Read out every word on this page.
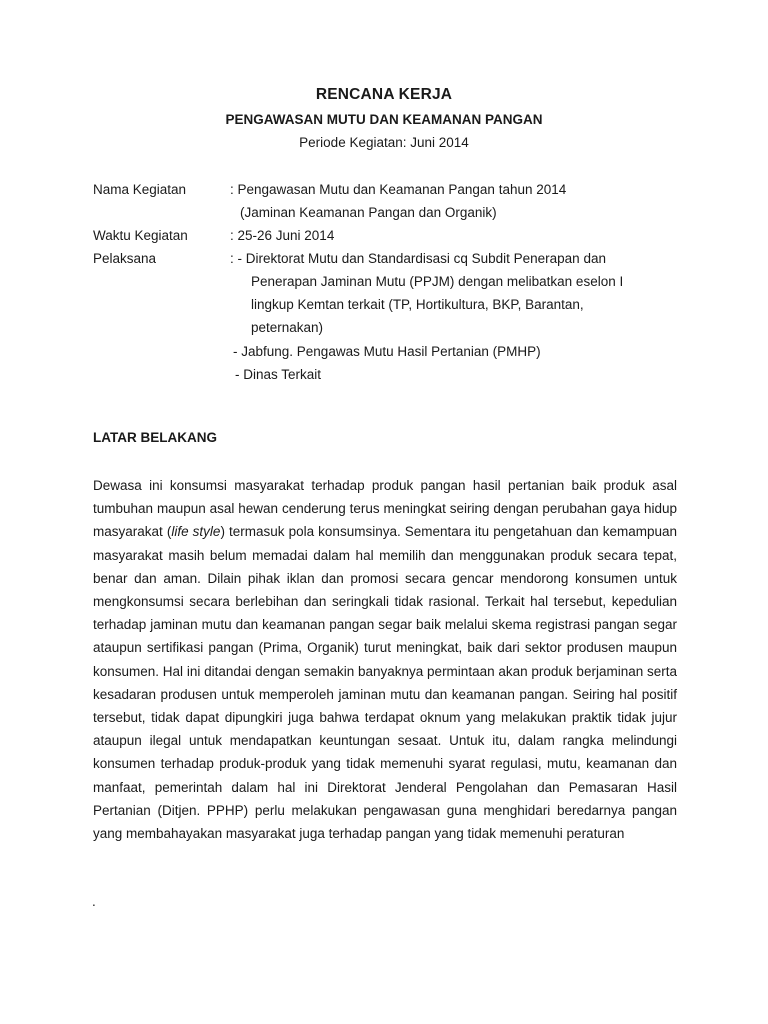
RENCANA KERJA
PENGAWASAN MUTU DAN KEAMANAN PANGAN
Periode Kegiatan: Juni 2014
Nama Kegiatan	: Pengawasan Mutu dan Keamanan Pangan tahun 2014
(Jaminan Keamanan Pangan dan Organik)
Waktu Kegiatan	: 25-26 Juni 2014
Pelaksana	: - Direktorat Mutu dan Standardisasi cq Subdit Penerapan dan
Penerapan Jaminan Mutu (PPJM) dengan melibatkan eselon I
lingkup Kemtan terkait (TP, Hortikultura, BKP, Barantan,
peternakan)
- Jabfung. Pengawas Mutu Hasil Pertanian (PMHP)
- Dinas Terkait
LATAR BELAKANG

Dewasa ini konsumsi masyarakat terhadap produk pangan hasil pertanian baik produk asal tumbuhan maupun asal hewan cenderung terus meningkat seiring dengan perubahan gaya hidup masyarakat (life style) termasuk pola konsumsinya. Sementara itu pengetahuan dan kemampuan masyarakat masih belum memadai dalam hal memilih dan menggunakan produk secara tepat, benar dan aman. Dilain pihak iklan dan promosi secara gencar mendorong konsumen untuk mengkonsumsi secara berlebihan dan seringkali tidak rasional. Terkait hal tersebut, kepedulian terhadap jaminan mutu dan keamanan pangan segar baik melalui skema registrasi pangan segar ataupun sertifikasi pangan (Prima, Organik) turut meningkat, baik dari sektor produsen maupun konsumen. Hal ini ditandai dengan semakin banyaknya permintaan akan produk berjaminan serta kesadaran produsen untuk memperoleh jaminan mutu dan keamanan pangan. Seiring hal positif tersebut, tidak dapat dipungkiri juga bahwa terdapat oknum yang melakukan praktik tidak jujur ataupun ilegal untuk mendapatkan keuntungan sesaat. Untuk itu, dalam rangka melindungi konsumen terhadap produk-produk yang tidak memenuhi syarat regulasi, mutu, keamanan dan manfaat, pemerintah dalam hal ini Direktorat Jenderal Pengolahan dan Pemasaran Hasil Pertanian (Ditjen. PPHP) perlu melakukan pengawasan guna menghidari beredarnya pangan yang membahayakan masyarakat juga terhadap pangan yang tidak memenuhi peraturan

.
